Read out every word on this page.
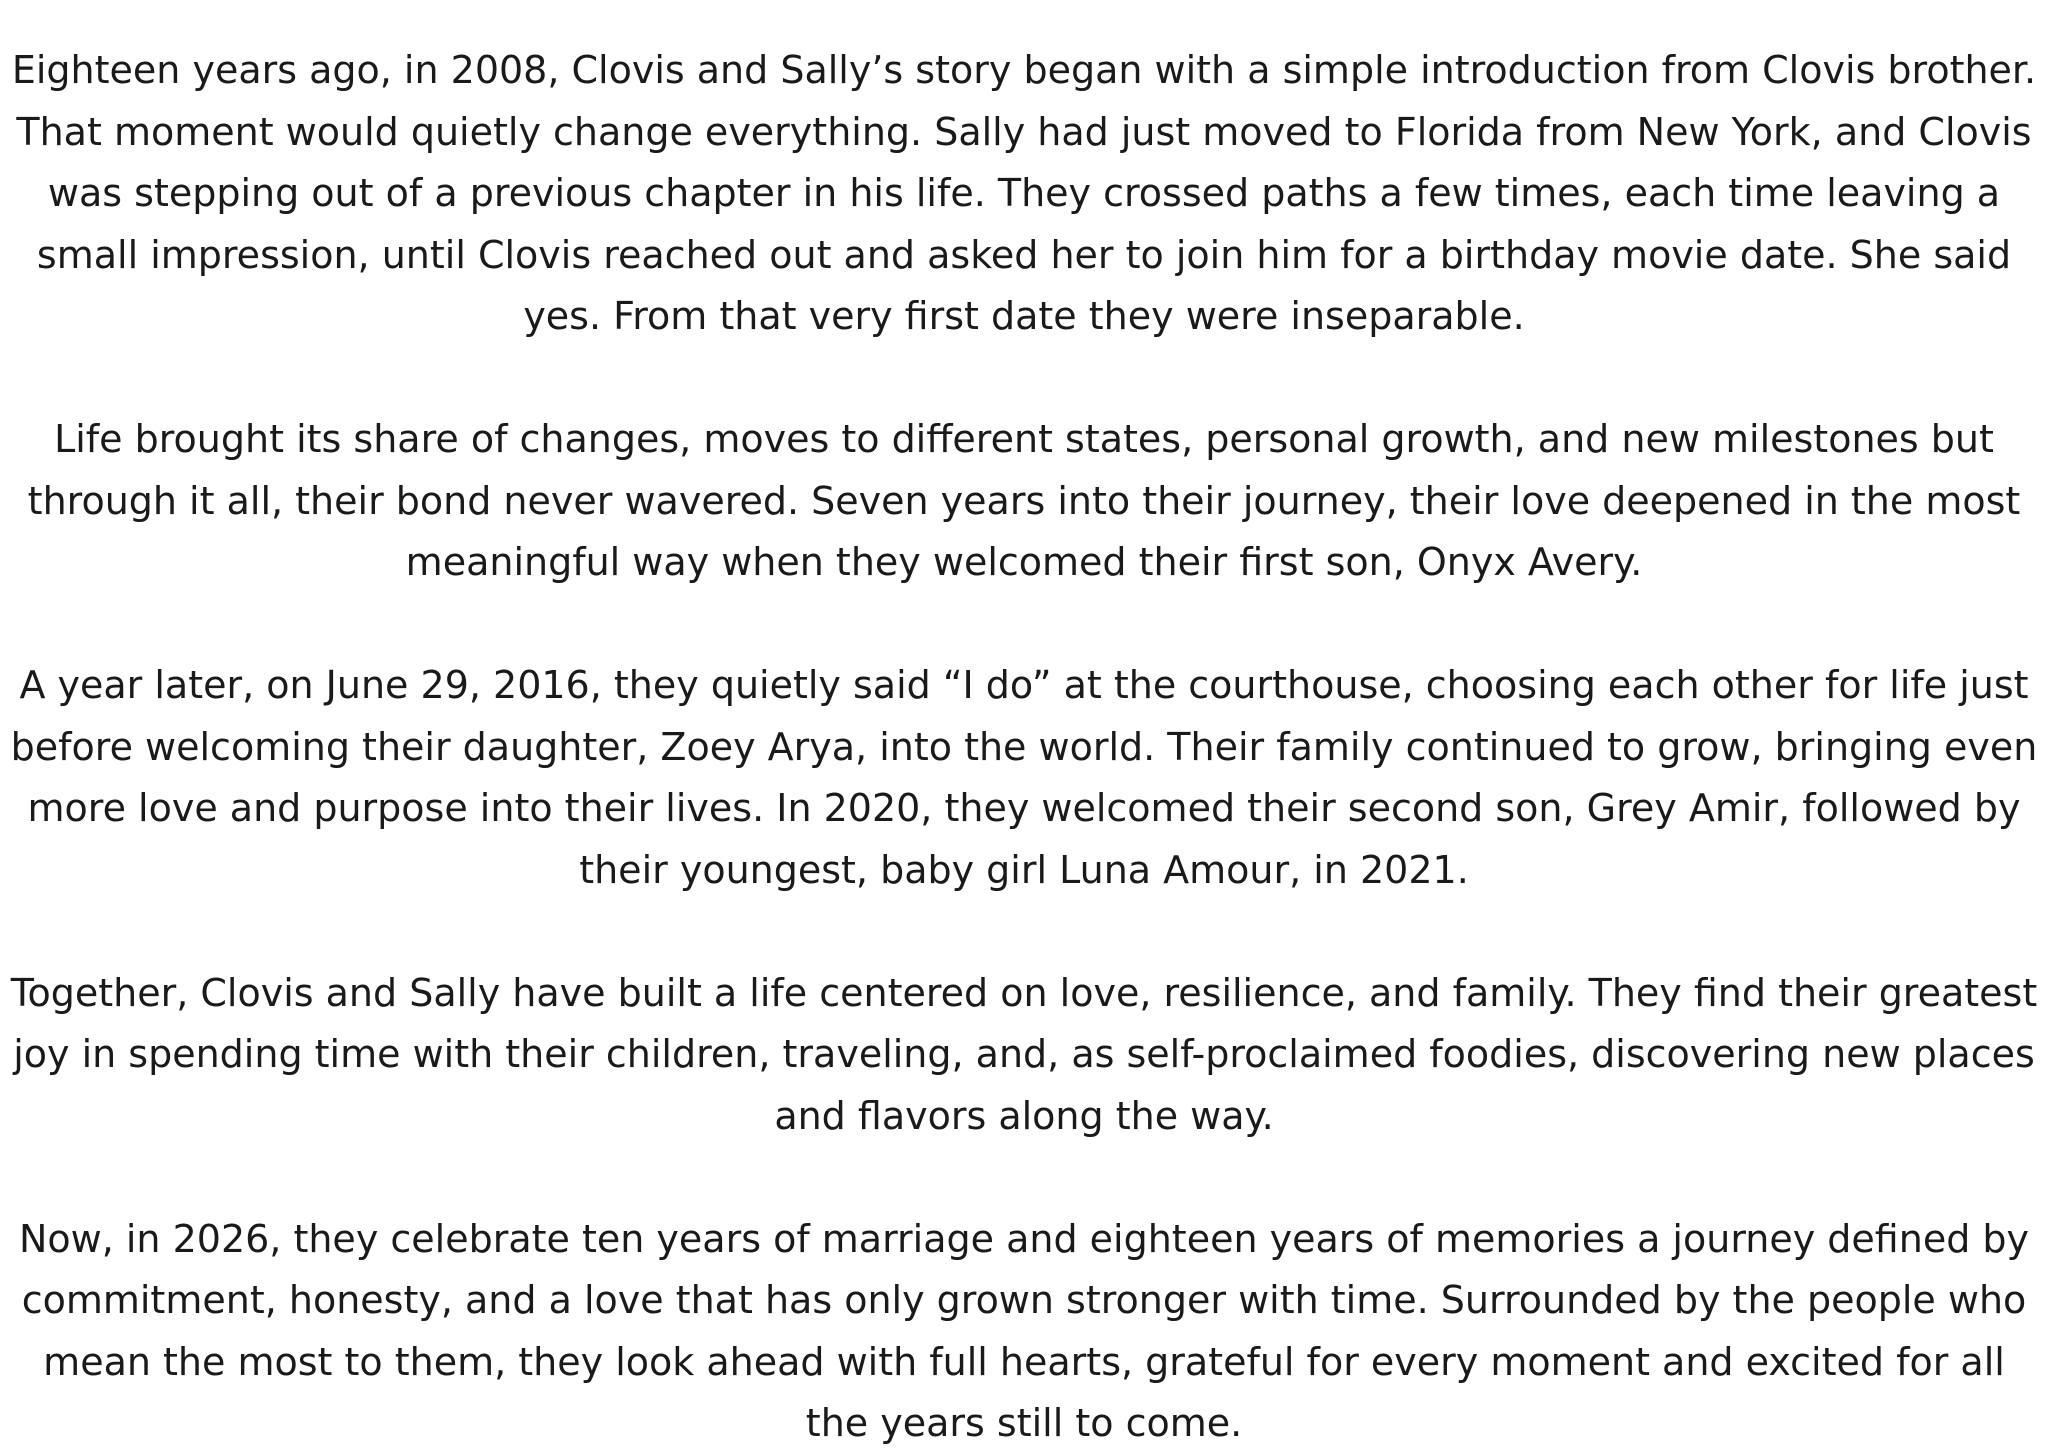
Eighteen years ago, in 2008, Clovis and Sally’s story began with a simple introduction from Clovis brother. That moment would quietly change everything. Sally had just moved to Florida from New York, and Clovis was stepping out of a previous chapter in his life. They crossed paths a few times, each time leaving a small impression, until Clovis reached out and asked her to join him for a birthday movie date. She said yes. From that very first date they were inseparable.

Life brought its share of changes, moves to different states, personal growth, and new milestones but through it all, their bond never wavered. Seven years into their journey, their love deepened in the most meaningful way when they welcomed their first son, Onyx Avery.

A year later, on June 29, 2016, they quietly said “I do” at the courthouse, choosing each other for life just before welcoming their daughter, Zoey Arya, into the world. Their family continued to grow, bringing even more love and purpose into their lives. In 2020, they welcomed their second son, Grey Amir, followed by their youngest, baby girl Luna Amour, in 2021.

Together, Clovis and Sally have built a life centered on love, resilience, and family. They find their greatest joy in spending time with their children, traveling, and, as self-proclaimed foodies, discovering new places and flavors along the way.

Now, in 2026, they celebrate ten years of marriage and eighteen years of memories a journey defined by commitment, honesty, and a love that has only grown stronger with time. Surrounded by the people who mean the most to them, they look ahead with full hearts, grateful for every moment and excited for all the years still to come.
